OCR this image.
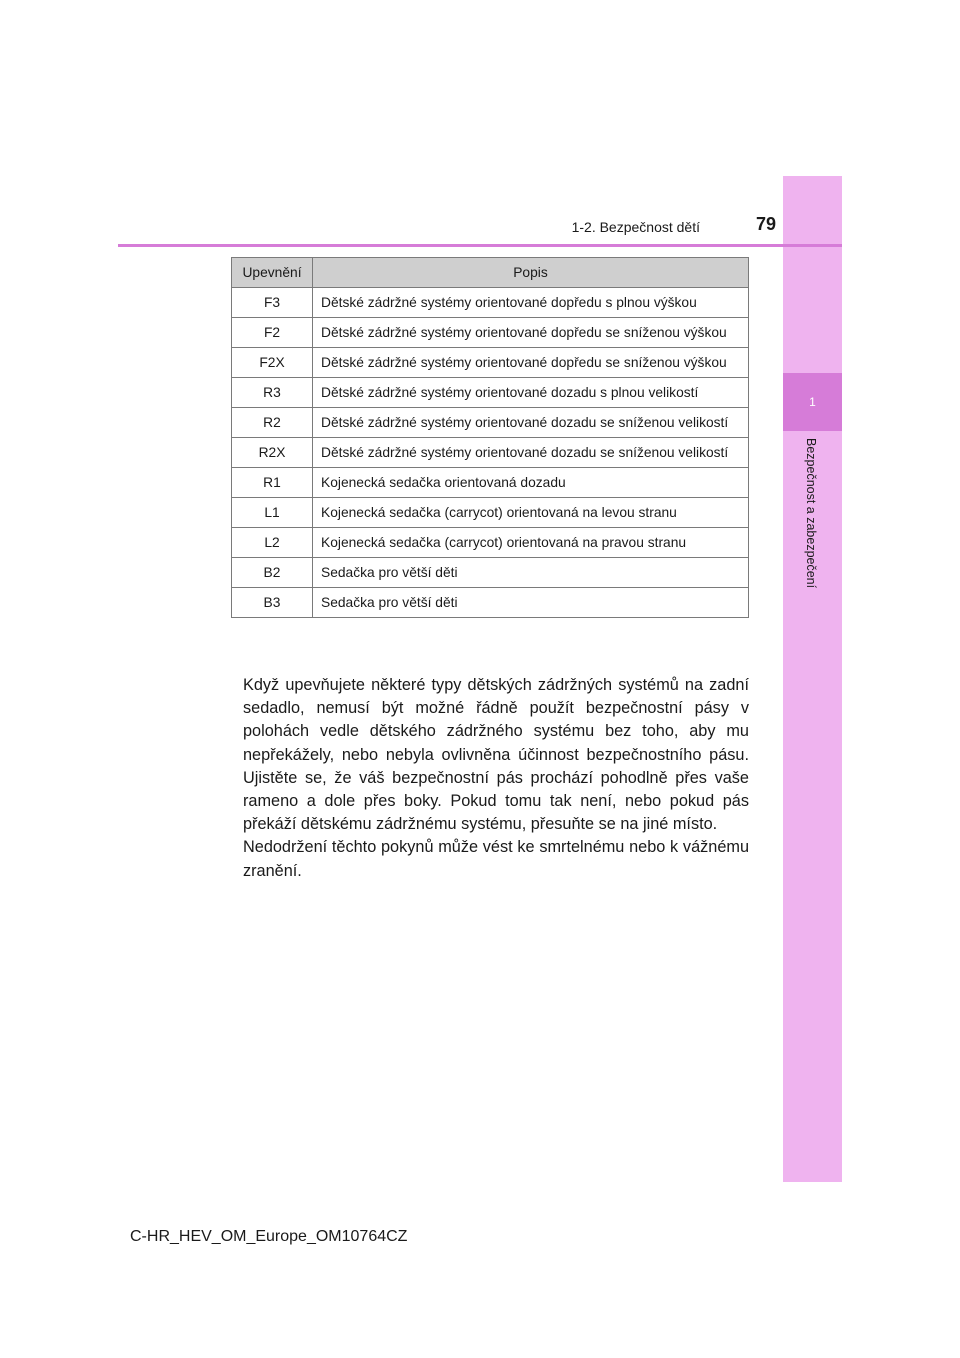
1
Bezpečnost a zabezpečení
1-2. Bezpečnost dětí	79
Upevnění	Popis
F3	Dětské zádržné systémy orientované dopředu s plnou výškou
F2	Dětské zádržné systémy orientované dopředu se sníženou výškou
F2X	Dětské zádržné systémy orientované dopředu se sníženou výškou
R3	Dětské zádržné systémy orientované dozadu s plnou velikostí
R2	Dětské zádržné systémy orientované dozadu se sníženou velikostí
R2X	Dětské zádržné systémy orientované dozadu se sníženou velikostí
R1	Kojenecká sedačka orientovaná dozadu
L1	Kojenecká sedačka (carrycot) orientovaná na levou stranu
L2	Kojenecká sedačka (carrycot) orientovaná na pravou stranu
B2	Sedačka pro větší děti
B3	Sedačka pro větší děti

Když upevňujete některé typy dětských zádržných systémů na zadní sedadlo, nemusí být možné řádně použít bezpečnostní pásy v polohách vedle dětského zádržného systému bez toho, aby mu nepřekážely, nebo nebyla ovlivněna účinnost bezpečnostního pásu. Ujistěte se, že váš bezpečnostní pás prochází pohodlně přes vaše rameno a dole přes boky. Pokud tomu tak není, nebo pokud pás překáží dětskému zádržnému systému, přesuňte se na jiné místo.

Nedodržení těchto pokynů může vést ke smrtelnému nebo k vážnému zranění.

C-HR_HEV_OM_Europe_OM10764CZ
